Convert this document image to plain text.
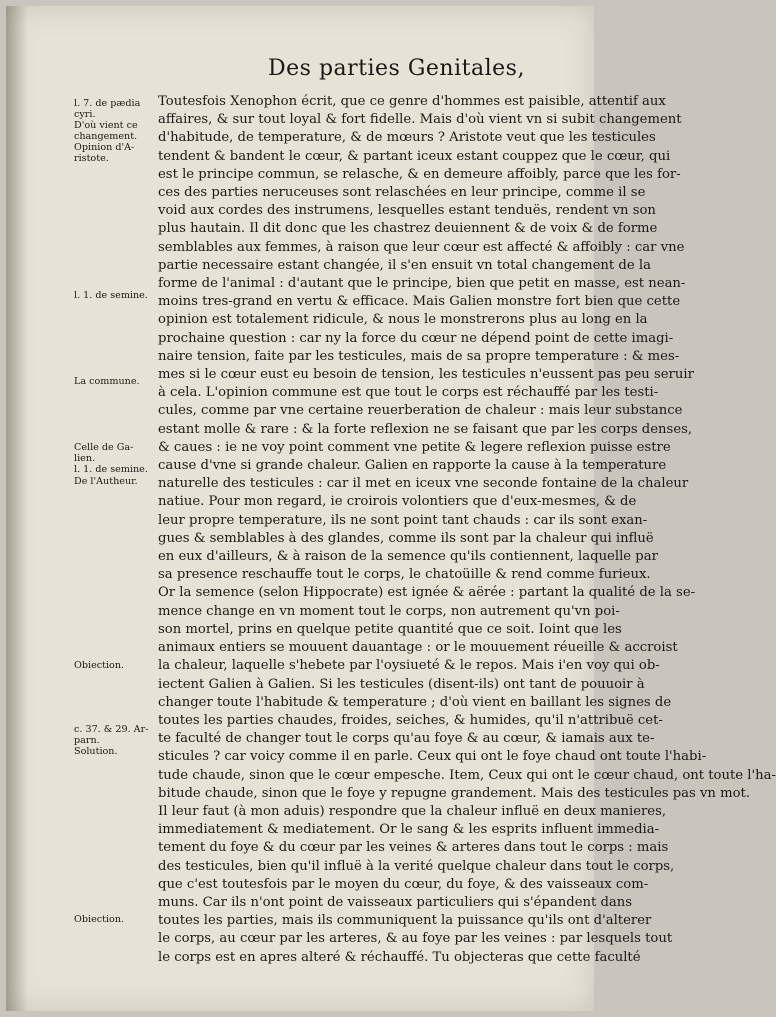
Des parties Genitales,
l. 7. de pædia
cyri.
D'où vient ce
changement.
Opinion d'A-
ristote.
l. 1. de semine.
La commune.
Celle de Ga-
lien.
l. 1. de semine.
De l'Autheur.
Obiection.
c. 37. & 29. Ar-
parn.
Solution.
Obiection.
Toutesfois Xenophon écrit, que ce genre d'hommes est paisible, attentif aux
affaires, & sur tout loyal & fort fidelle. Mais d'où vient vn si subit changement
d'habitude, de temperature, & de mœurs ? Aristote veut que les testicules
tendent & bandent le cœur, & partant iceux estant couppez que le cœur, qui
est le principe commun, se relasche, & en demeure affoibly, parce que les for-
ces des parties neruceuses sont relaschées en leur principe, comme il se
void aux cordes des instrumens, lesquelles estant tenduës, rendent vn son
plus hautain. Il dit donc que les chastrez deuiennent & de voix & de forme
semblables aux femmes, à raison que leur cœur est affecté & affoibly : car vne
partie necessaire estant changée, il s'en ensuit vn total changement de la
forme de l'animal : d'autant que le principe, bien que petit en masse, est nean-
moins tres-grand en vertu & efficace. Mais Galien monstre fort bien que cette
opinion est totalement ridicule, & nous le monstrerons plus au long en la
prochaine question : car ny la force du cœur ne dépend point de cette imagi-
naire tension, faite par les testicules, mais de sa propre temperature : & mes-
mes si le cœur eust eu besoin de tension, les testicules n'eussent pas peu seruir
à cela. L'opinion commune est que tout le corps est réchauffé par les testi-
cules, comme par vne certaine reuerberation de chaleur : mais leur substance
estant molle & rare : & la forte reflexion ne se faisant que par les corps denses,
& caues : ie ne voy point comment vne petite & legere reflexion puisse estre
cause d'vne si grande chaleur. Galien en rapporte la cause à la temperature
naturelle des testicules : car il met en iceux vne seconde fontaine de la chaleur
natiue. Pour mon regard, ie croirois volontiers que d'eux-mesmes, & de
leur propre temperature, ils ne sont point tant chauds : car ils sont exan-
gues & semblables à des glandes, comme ils sont par la chaleur qui influë
en eux d'ailleurs, & à raison de la semence qu'ils contiennent, laquelle par
sa presence reschauffe tout le corps, le chatoüille & rend comme furieux.
Or la semence (selon Hippocrate) est ignée & aërée : partant la qualité de la se-
mence change en vn moment tout le corps, non autrement qu'vn poi-
son mortel, prins en quelque petite quantité que ce soit. Ioint que les
animaux entiers se mouuent dauantage : or le mouuement réueille & accroist
la chaleur, laquelle s'hebete par l'oysiueté & le repos. Mais i'en voy qui ob-
iectent Galien à Galien. Si les testicules (disent-ils) ont tant de pouuoir à
changer toute l'habitude & temperature ; d'où vient en baillant les signes de
toutes les parties chaudes, froides, seiches, & humides, qu'il n'attribuë cet-
te faculté de changer tout le corps qu'au foye & au cœur, & iamais aux te-
sticules ? car voicy comme il en parle. Ceux qui ont le foye chaud ont toute l'habi-
tude chaude, sinon que le cœur empesche. Item, Ceux qui ont le cœur chaud, ont toute l'ha-
bitude chaude, sinon que le foye y repugne grandement. Mais des testicules pas vn mot.
Il leur faut (à mon aduis) respondre que la chaleur influë en deux manieres,
immediatement & mediatement. Or le sang & les esprits influent immedia-
tement du foye & du cœur par les veines & arteres dans tout le corps : mais
des testicules, bien qu'il influë à la verité quelque chaleur dans tout le corps,
que c'est toutesfois par le moyen du cœur, du foye, & des vaisseaux com-
muns. Car ils n'ont point de vaisseaux particuliers qui s'épandent dans
toutes les parties, mais ils communiquent la puissance qu'ils ont d'alterer
le corps, au cœur par les arteres, & au foye par les veines : par lesquels tout
le corps est en apres alteré & réchauffé. Tu objecteras que cette faculté
